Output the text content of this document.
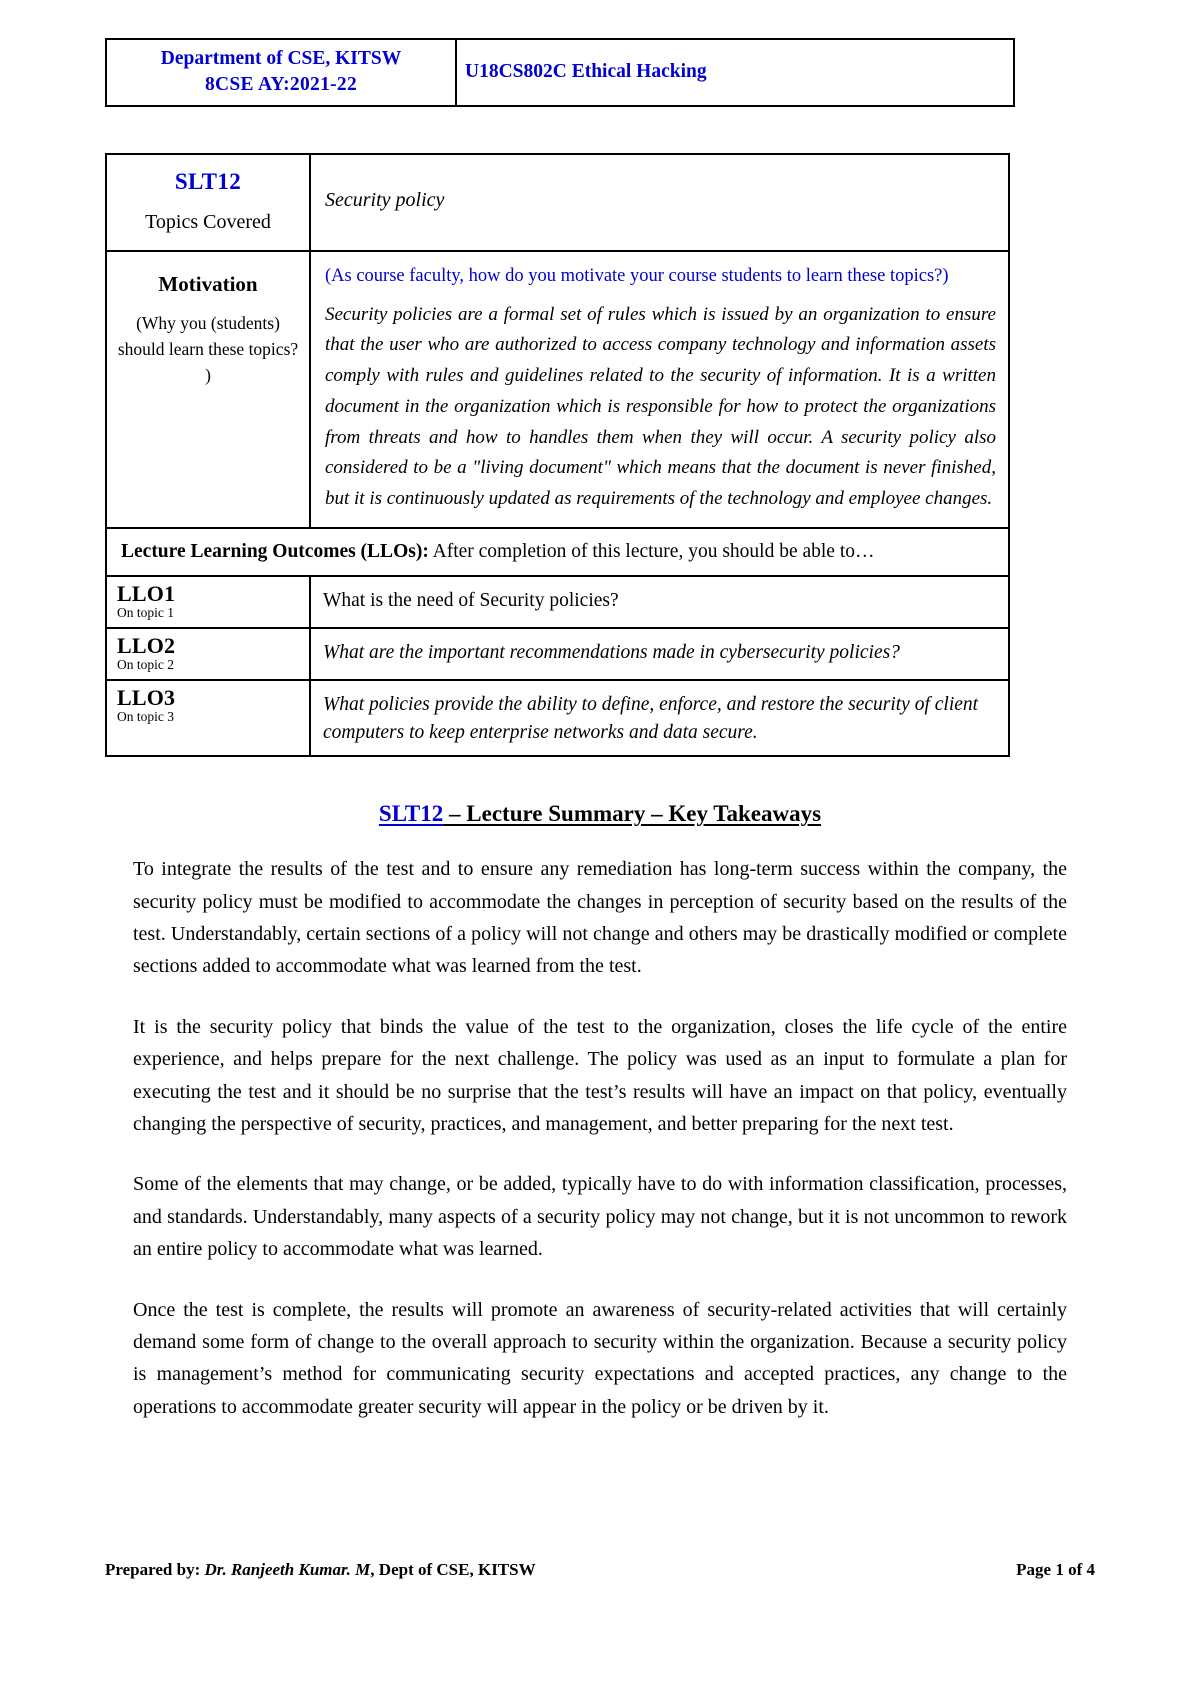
Department of CSE, KITSW
8CSE AY:2021-22
	U18CS802C Ethical Hacking
SLT12
Topics Covered	Security policy

Motivation
(Why you (students) should learn these topics? )

(As course faculty, how do you motivate your course students to learn these topics?)
Security policies are a formal set of rules which is issued by an organization to ensure that the user who are authorized to access company technology and information assets comply with rules and guidelines related to the security of information. It is a written document in the organization which is responsible for how to protect the organizations from threats and how to handles them when they will occur. A security policy also considered to be a "living document" which means that the document is never finished, but it is continuously updated as requirements of the technology and employee changes.

Lecture Learning Outcomes (LLOs): After completion of this lecture, you should be able to…	

LLO1
On topic 1	What is the need of Security policies?

LLO2
On topic 2	What are the important recommendations made in cybersecurity policies?

LLO3
On topic 3	What policies provide the ability to define, enforce, and restore the security of client computers to keep enterprise networks and data secure.
SLT12 – Lecture Summary – Key Takeaways

To integrate the results of the test and to ensure any remediation has long-term success within the company, the security policy must be modified to accommodate the changes in perception of security based on the results of the test. Understandably, certain sections of a policy will not change and others may be drastically modified or complete sections added to accommodate what was learned from the test.

It is the security policy that binds the value of the test to the organization, closes the life cycle of the entire experience, and helps prepare for the next challenge. The policy was used as an input to formulate a plan for executing the test and it should be no surprise that the test’s results will have an impact on that policy, eventually changing the perspective of security, practices, and management, and better preparing for the next test.

Some of the elements that may change, or be added, typically have to do with information classification, processes, and standards. Understandably, many aspects of a security policy may not change, but it is not uncommon to rework an entire policy to accommodate what was learned.

Once the test is complete, the results will promote an awareness of security-related activities that will certainly demand some form of change to the overall approach to security within the organization. Because a security policy is management’s method for communicating security expectations and accepted practices, any change to the operations to accommodate greater security will appear in the policy or be driven by it.

Prepared by: Dr. Ranjeeth Kumar. M, Dept of CSE, KITSW	Page 1 of 4
